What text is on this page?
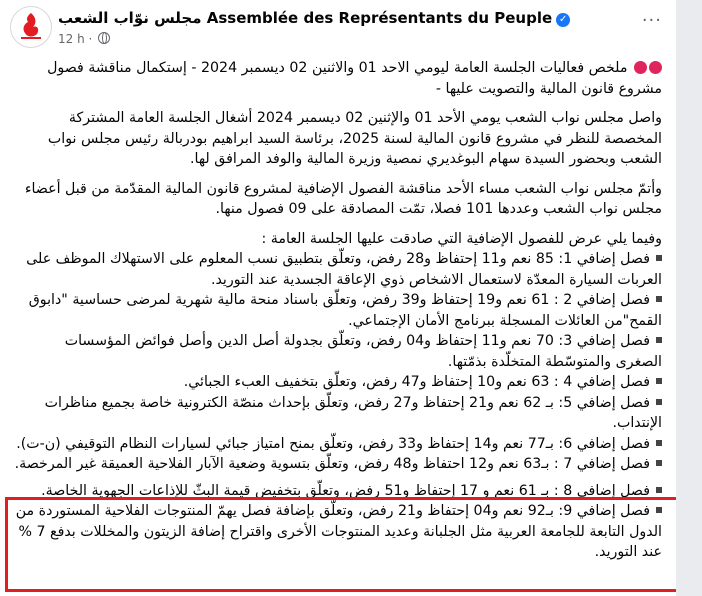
مجلس نوّاب الشعب Assemblée des Représentants du Peuple ✓
12 h ·
···

ملخص فعاليات الجلسة العامة ليومي الاحد 01 والاثنين 02 ديسمبر 2024 - إستكمال مناقشة فصول مشروع قانون المالية والتصويت عليها -

واصل مجلس نواب الشعب يومي الأحد 01 والإثنين 02 ديسمبر 2024 أشغال الجلسة العامة المشتركة المخصصة للنظر في مشروع قانون المالية لسنة 2025، برئاسة السيد ابراهيم بودربالة رئيس مجلس نواب الشعب وبحضور السيدة سهام البوغديري نمصية وزيرة المالية والوفد المرافق لها.

وأتمّ مجلس نواب الشعب مساء الأحد مناقشة الفصول الإضافية لمشروع قانون المالية المقدّمة من قبل أعضاء مجلس نواب الشعب وعددها 101 فصلا، تمّت المصادقة على 09 فصول منها.

وفيما يلي عرض للفصول الإضافية التي صادقت عليها الجلسة العامة :
فصل إضافي 1: 85 نعم و11 إحتفاظ و28 رفض، وتعلّق بتطبيق نسب المعلوم على الاستهلاك الموظف على العربات السيارة المعدّة لاستعمال الاشخاص ذوي الإعاقة الجسدية عند التوريد.
فصل إضافي 2 : 61 نعم و19 إحتفاظ و39 رفض، وتعلّق باسناد منحة مالية شهرية لمرضى حساسية "دابوق القمح"من العائلات المسجلة ببرنامج الأمان الإجتماعي.
فصل إضافي 3: 70 نعم و11 إحتفاظ و04 رفض، وتعلّق بجدولة أصل الدين وأصل فوائض المؤسسات الصغرى والمتوسّطة المتخلّدة بذمّتها.
فصل إضافي 4 : 63 نعم و10 إحتفاظ و47 رفض، وتعلّق بتخفيف العبء الجبائي.
فصل إضافي 5: بـ 62 نعم و21 إحتفاظ و27 رفض، وتعلّق بإحداث منصّة الكترونية خاصة بجميع مناظرات الإنتداب.
فصل إضافي 6: بـ77 نعم و14 إحتفاظ و33 رفض، وتعلّق بمنح امتياز جبائي لسيارات النظام التوقيفي (ن-ت).
فصل إضافي 7 : بـ63 نعم و12 احتفاظ و48 رفض، وتعلّق بتسوية وضعية الآبار الفلاحية العميقة غير المرخصة.
فصل إضافي 8 : بـ 61 نعم و 17 إحتفاظ و51 رفض، وتعلّق بتخفيض قيمة البثّ للإذاعات الجهوية الخاصة.
فصل إضافي 9: بـ92 نعم و04 إحتفاظ و21 رفض، وتعلّق بإضافة فصل يهمّ المنتوجات الفلاحية المستوردة من الدول التابعة للجامعة العربية مثل الجلبانة وعديد المنتوجات الأخرى واقتراح إضافة الزيتون والمخللات بدفع 7 % عند التوريد.
